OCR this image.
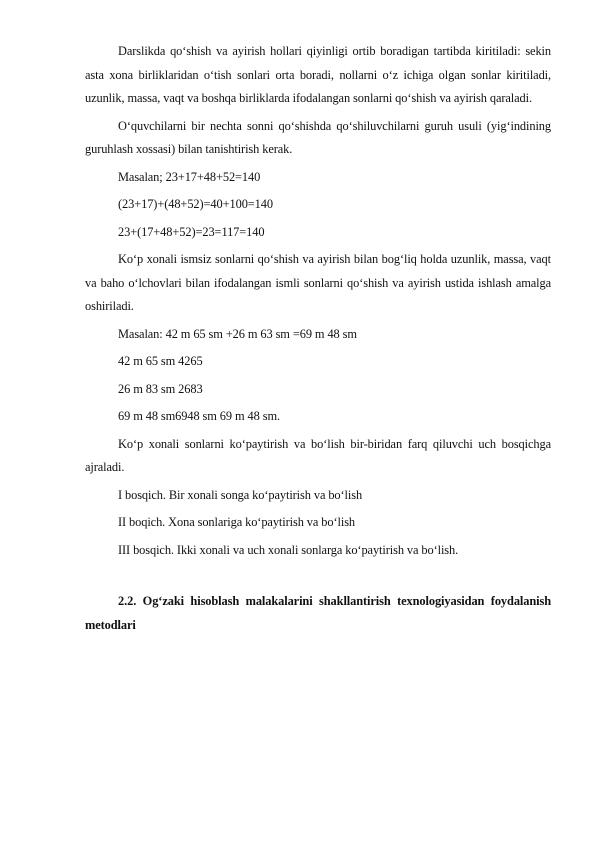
Darslikda qo‘shish va ayirish hollari qiyinligi ortib boradigan tartibda kiritiladi: sekin asta xona birliklaridan o‘tish sonlari orta boradi, nollarni o‘z ichiga olgan sonlar kiritiladi, uzunlik, massa, vaqt va boshqa birliklarda ifodalangan sonlarni qo‘shish va ayirish qaraladi.

O‘quvchilarni bir nechta sonni qo‘shishda qo‘shiluvchilarni guruh usuli (yig‘indining guruhlash xossasi) bilan tanishtirish kerak.

Masalan; 23+17+48+52=140

(23+17)+(48+52)=40+100=140

23+(17+48+52)=23=117=140

Ko‘p xonali ismsiz sonlarni qo‘shish va ayirish bilan bog‘liq holda uzunlik, massa, vaqt va baho o‘lchovlari bilan ifodalangan ismli sonlarni qo‘shish va ayirish ustida ishlash amalga oshiriladi.

Masalan: 42 m 65 sm +26 m 63 sm =69 m 48 sm

42 m 65 sm 4265

26 m 83 sm 2683

69 m 48 sm6948 sm 69 m 48 sm.

Ko‘p xonali sonlarni ko‘paytirish va bo‘lish bir-biridan farq qiluvchi uch bosqichga ajraladi.

I bosqich. Bir xonali songa ko‘paytirish va bo‘lish

II boqich. Xona sonlariga ko‘paytirish va bo‘lish

III bosqich. Ikki xonali va uch xonali sonlarga ko‘paytirish va bo‘lish.

2.2. Og‘zaki hisoblash malakalarini shakllantirish texnologiyasidan foydalanish metodlari
